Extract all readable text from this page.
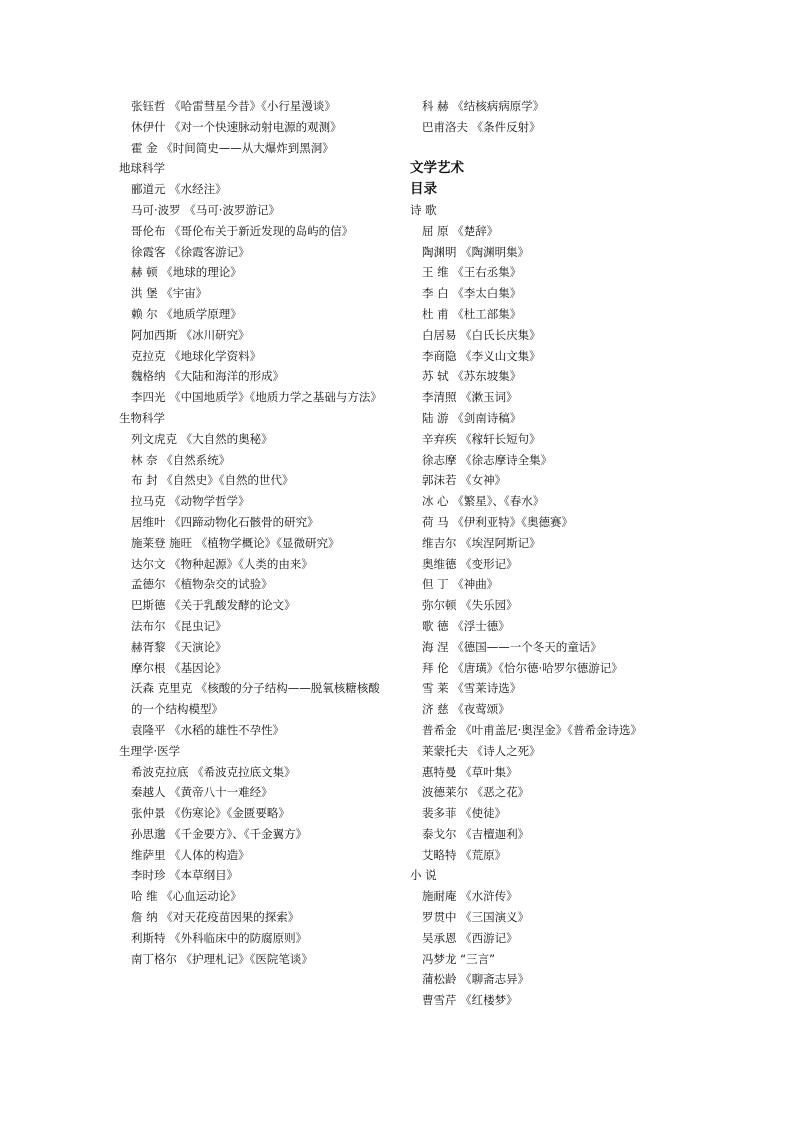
张钰哲 《哈雷彗星今昔》《小行星漫谈》
休伊什 《对一个快速脉动射电源的观测》
霍 金 《时间简史——从大爆炸到黑洞》
地球科学
郦道元 《水经注》
马可·波罗 《马可·波罗游记》
哥伦布 《哥伦布关于新近发现的岛屿的信》
徐霞客 《徐霞客游记》
赫 顿 《地球的理论》
洪 堡 《宇宙》
赖 尔 《地质学原理》
阿加西斯 《冰川研究》
克拉克 《地球化学资料》
魏格纳 《大陆和海洋的形成》
李四光 《中国地质学》《地质力学之基础与方法》
生物科学
列文虎克 《大自然的奥秘》
林 奈 《自然系统》
布 封 《自然史》《自然的世代》
拉马克 《动物学哲学》
居维叶 《四蹄动物化石骸骨的研究》
施莱登 施旺 《植物学概论》《显微研究》
达尔文 《物种起源》《人类的由来》
孟德尔 《植物杂交的试验》
巴斯德 《关于乳酸发酵的论文》
法布尔 《昆虫记》
赫胥黎 《天演论》
摩尔根 《基因论》
沃森 克里克 《核酸的分子结构——脱氧核糖核酸的一个结构模型》
袁隆平 《水稻的雄性不孕性》
生理学·医学
希波克拉底 《希波克拉底文集》
秦越人 《黄帝八十一难经》
张仲景 《伤寒论》《金匮要略》
孙思邈 《千金要方》、《千金翼方》
维萨里 《人体的构造》
李时珍 《本草纲目》
哈 维 《心血运动论》
詹 纳 《对天花疫苗因果的探索》
利斯特 《外科临床中的防腐原则》
南丁格尔 《护理札记》《医院笔谈》
科 赫 《结核病病原学》
巴甫洛夫 《条件反射》

文学艺术
目录
诗 歌
屈 原 《楚辞》
陶渊明 《陶渊明集》
王 维 《王右丞集》
李 白 《李太白集》
杜 甫 《杜工部集》
白居易 《白氏长庆集》
李商隐 《李义山文集》
苏 轼 《苏东坡集》
李清照 《漱玉词》
陆 游 《剑南诗稿》
辛弃疾 《稼轩长短句》
徐志摩 《徐志摩诗全集》
郭沫若 《女神》
冰 心 《繁星》、《春水》
荷 马 《伊利亚特》《奥德赛》
维吉尔 《埃涅阿斯记》
奥维德 《变形记》
但 丁 《神曲》
弥尔顿 《失乐园》
歌 德 《浮士德》
海 涅 《德国——一个冬天的童话》
拜 伦 《唐璜》《恰尔德·哈罗尔德游记》
雪 莱 《雪莱诗选》
济 慈 《夜莺颂》
普希金 《叶甫盖尼·奥涅金》《普希金诗选》
莱蒙托夫 《诗人之死》
惠特曼 《草叶集》
波德莱尔 《恶之花》
裴多菲 《使徒》
泰戈尔 《吉檀迦利》
艾略特 《荒原》
小 说
施耐庵 《水浒传》
罗贯中 《三国演义》
吴承恩 《西游记》
冯梦龙 “三言”
蒲松龄 《聊斋志异》
曹雪芹 《红楼梦》
